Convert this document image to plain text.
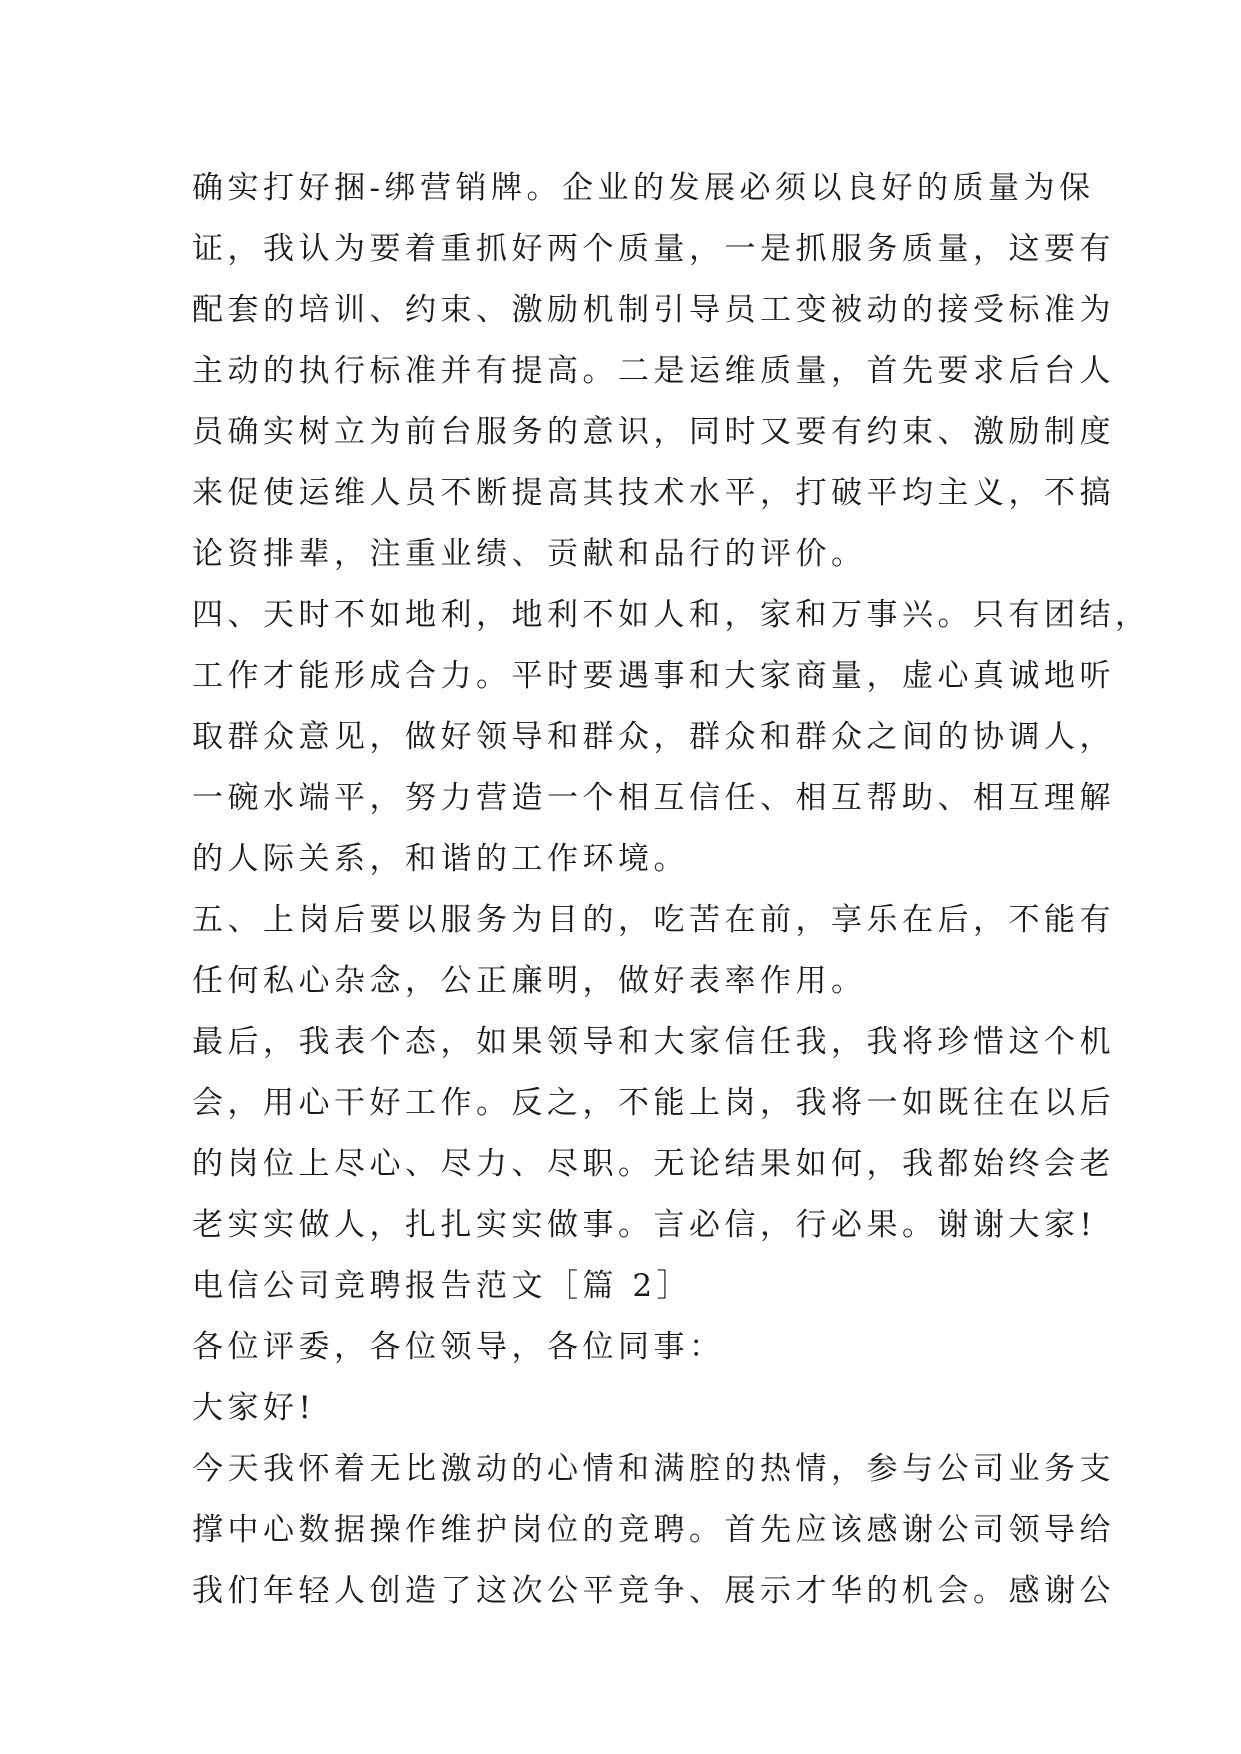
确实打好捆-绑营销牌。企业的发展必须以良好的质量为保
证，我认为要着重抓好两个质量，一是抓服务质量，这要有
配套的培训、约束、激励机制引导员工变被动的接受标准为
主动的执行标准并有提高。二是运维质量，首先要求后台人
员确实树立为前台服务的意识，同时又要有约束、激励制度
来促使运维人员不断提高其技术水平，打破平均主义，不搞
论资排辈，注重业绩、贡献和品行的评价。
四、天时不如地利，地利不如人和，家和万事兴。只有团结，
工作才能形成合力。平时要遇事和大家商量，虚心真诚地听
取群众意见，做好领导和群众，群众和群众之间的协调人，
一碗水端平，努力营造一个相互信任、相互帮助、相互理解
的人际关系，和谐的工作环境。
五、上岗后要以服务为目的，吃苦在前，享乐在后，不能有
任何私心杂念，公正廉明，做好表率作用。
最后，我表个态，如果领导和大家信任我，我将珍惜这个机
会，用心干好工作。反之，不能上岗，我将一如既往在以后
的岗位上尽心、尽力、尽职。无论结果如何，我都始终会老
老实实做人，扎扎实实做事。言必信，行必果。谢谢大家!
电信公司竞聘报告范文［篇 2］
各位评委，各位领导，各位同事：
大家好!
今天我怀着无比激动的心情和满腔的热情，参与公司业务支
撑中心数据操作维护岗位的竞聘。首先应该感谢公司领导给
我们年轻人创造了这次公平竞争、展示才华的机会。感谢公
